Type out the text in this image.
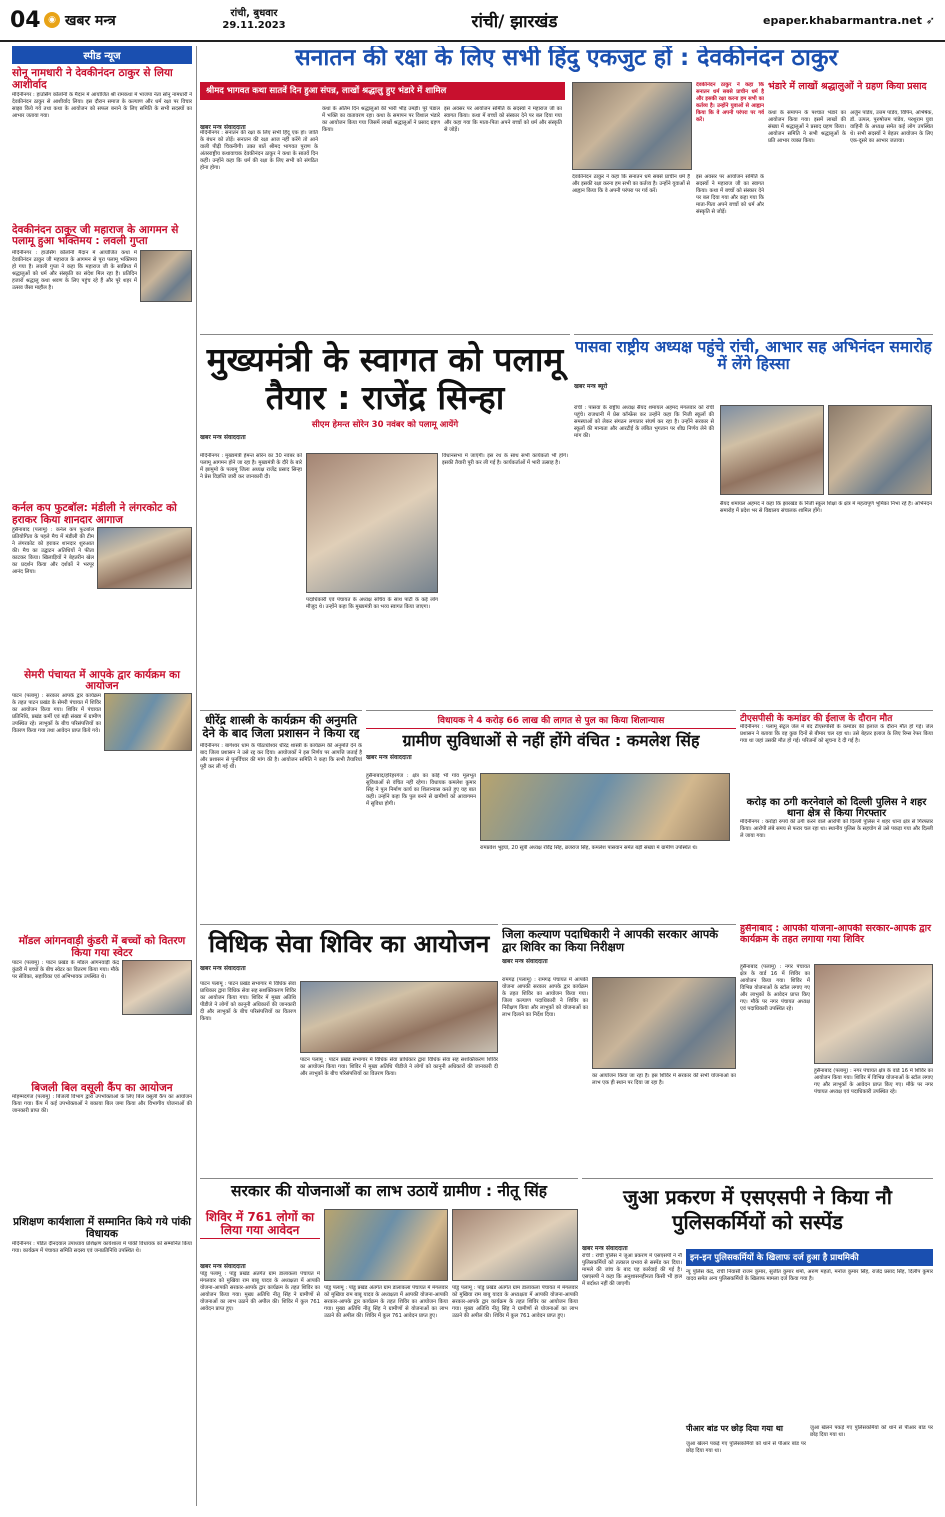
04 ◉ खबर मन्त्र	रांची, बुधवार
29.11.2023	रांची/ झारखंड	epaper.khabarmantra.net ➶
स्पीड न्यूज
सोनू नामधारी ने देवकीनंदन ठाकुर से लिया आशीर्वाद
मेदिनीनगर : हाउसिंग कॉलोनी के मैदान में आयोजित श्री रामकथा में भाजपा नेता सोनू नामधारी ने देवकीनंदन ठाकुर से आशीर्वाद लिया। इस दौरान समाज के कल्याण और धर्म रक्षा पर विचार साझा किये गये तथा कथा के आयोजन को सफल बनाने के लिए समिति के सभी सदस्यों का आभार जताया गया।
देवकीनंदन ठाकुर जी महाराज के आगमन से पलामू हुआ भक्तिमय : लवली गुप्ता
मेदिनीनगर : हाउसिंग कॉलोनी मैदान में आयोजित कथा में देवकीनंदन ठाकुर जी महाराज के आगमन से पूरा पलामू भक्तिमय हो गया है। लवली गुप्ता ने कहा कि महाराज जी के सान्निध्य में श्रद्धालुओं को धर्म और संस्कृति का संदेश मिल रहा है। प्रतिदिन हजारों श्रद्धालु कथा श्रवण के लिए पहुंच रहे हैं और पूरे शहर में उत्सव जैसा माहौल है।
कर्नल कप फुटबॉल: मंडीली ने लंगरकोट को हराकर किया शानदार आगाज
हुसैनाबाद (पलामू) : कर्नल कप फुटबॉल प्रतियोगिता के पहले मैच में मंडीली की टीम ने लंगरकोट को हराकर शानदार शुरुआत की। मैच का उद्घाटन अतिथियों ने फीता काटकर किया। खिलाड़ियों ने बेहतरीन खेल का प्रदर्शन किया और दर्शकों ने भरपूर आनंद लिया।
सेमरी पंचायत में आपके द्वार कार्यक्रम का आयोजन
पाटन (पलामू) : सरकार आपके द्वार कार्यक्रम के तहत पाटन प्रखंड के सेमरी पंचायत में शिविर का आयोजन किया गया। शिविर में पंचायत प्रतिनिधि, प्रखंड कर्मी एवं बड़ी संख्या में ग्रामीण उपस्थित रहे। लाभुकों के बीच परिसंपत्तियों का वितरण किया गया तथा आवेदन प्राप्त किये गये।
मॉडल आंगनवाड़ी कुंडरी में बच्चों को वितरण किया गया स्वेटर
पाटन (पलामू) : पाटन प्रखंड के मॉडल आंगनवाड़ी केंद्र कुंडरी में बच्चों के बीच स्वेटर का वितरण किया गया। मौके पर सेविका, सहायिका एवं अभिभावक उपस्थित थे।
बिजली बिल वसूली कैंप का आयोजन
मोहम्मदगंज (पलामू) : बिजली विभाग द्वारा उपभोक्ताओं के लिए बिल वसूली कैंप का आयोजन किया गया। कैंप में कई उपभोक्ताओं ने बकाया बिल जमा किया और विभागीय योजनाओं की जानकारी प्राप्त की।
प्रशिक्षण कार्यशाला में सम्मानित किये गये पांकी विधायक
मेदिनीनगर : पंडित दीनदयाल उपाध्याय प्रशिक्षण कार्यशाला में पांकी विधायक को सम्मानित किया गया। कार्यक्रम में पंचायत समिति सदस्य एवं जनप्रतिनिधि उपस्थित थे।
सनातन की रक्षा के लिए सभी हिंदु एकजुट हों : देवकीनंदन ठाकुर
श्रीमद भागवत कथा सातवें दिन हुआ संपन्न, लाखों श्रद्धालु हुए भंडारे में शामिल
देवकीनंदन ठाकुर ने कहा कि सनातन धर्म सबसे प्राचीन धर्म है और इसकी रक्षा करना हम सभी का कर्तव्य है। उन्होंने युवाओं से आह्वान किया कि वे अपनी परंपरा पर गर्व करें।
भंडारे में लाखों श्रद्धालुओं ने ग्रहण किया प्रसाद
खबर मन्त्र संवाददाता
मेदिनीनगर : सनातन की रक्षा के लिए सभी हिंदू एक हों। जाति के बंधन को तोड़ें। सनातन की रक्षा आज नहीं करेंगे तो आने वाली पीढ़ी चिकनीगी। उक्त बातें श्रीमद भागवत पुराण के अंतरराष्ट्रीय कथावाचक देवकीनंदन ठाकुर ने कथा के सातवें दिन कहीं। उन्होंने कहा कि धर्म की रक्षा के लिए सभी को संगठित होना होगा।
कथा के अंतिम दिन श्रद्धालुओं की भारी भीड़ उमड़ी। पूरे पंडाल में भक्ति का वातावरण रहा। कथा के समापन पर विशाल भंडारे का आयोजन किया गया जिसमें लाखों श्रद्धालुओं ने प्रसाद ग्रहण किया।
इस अवसर पर आयोजन समिति के सदस्यों ने महाराज जी का स्वागत किया। कथा में बच्चों को संस्कार देने पर बल दिया गया और कहा गया कि माता-पिता अपने बच्चों को धर्म और संस्कृति से जोड़ें।
देवकीनंदन ठाकुर ने कहा कि सनातन धर्म सबसे प्राचीन धर्म है और इसकी रक्षा करना हम सभी का कर्तव्य है। उन्होंने युवाओं से आह्वान किया कि वे अपनी परंपरा पर गर्व करें।
इस अवसर पर आयोजन समिति के सदस्यों ने महाराज जी का स्वागत किया। कथा में बच्चों को संस्कार देने पर बल दिया गया और कहा गया कि माता-पिता अपने बच्चों को धर्म और संस्कृति से जोड़ें।
कथा के समापन के पश्चात भंडारे का आयोजन किया गया। इसमें लाखों की संख्या में श्रद्धालुओं ने प्रसाद ग्रहण किया। आयोजन समिति ने सभी श्रद्धालुओं के प्रति आभार व्यक्त किया।
अर्जुन पांडेय, उत्तम पांडेय, विपिन, अभिषेक, डॉ. उत्पल, पुरुषोत्तम पांडेय, परशुराम युवा वाहिनी के अध्यक्ष समेत कई लोग उपस्थित थे। सभी सदस्यों ने बेहतर आयोजन के लिए एक-दूसरे का आभार जताया।
मुख्यमंत्री के स्वागत को पलामू तैयार : राजेंद्र सिन्हा
सीएम हेमन्त सोरेन 30 नवंबर को पलामू आयेंगे
खबर मन्त्र संवाददाता
मेदिनीनगर : मुख्यमंत्री हेमन्त सोरेन का 30 नवंबर को पलामू आगमन होने जा रहा है। मुख्यमंत्री के दौरे के बारे में झामुमो के पलामू जिला अध्यक्ष राजेंद्र प्रसाद सिन्हा ने प्रेस विज्ञप्ति जारी कर जानकारी दी।
विधानसभा में जाएंगी। इस रथ के साथ सभी कार्यकर्ता भी होंगे। इसकी तैयारी पूरी कर ली गई है। कार्यकर्ताओं में भारी उत्साह है।
पदाधिकारी एवं पंचायत के अध्यक्ष सचिव के साथ पार्टी के कई लोग मौजूद थे। उन्होंने कहा कि मुख्यमंत्री का भव्य स्वागत किया जाएगा।
पासवा राष्ट्रीय अध्यक्ष पहुंचे रांची, आभार सह अभिनंदन समारोह में लेंगे हिस्सा
खबर मन्त्र ब्यूरो
रांची : पासवा के राष्ट्रीय अध्यक्ष सैयद शमायल अहमद मंगलवार को रांची पहुंचे। राजधानी में प्रेस कॉन्फ्रेंस कर उन्होंने कहा कि निजी स्कूलों की समस्याओं को लेकर संगठन लगातार संघर्ष कर रहा है। उन्होंने सरकार से स्कूलों की मान्यता और आरटीई के लंबित भुगतान पर शीघ्र निर्णय लेने की मांग की।
सैयद शमायल अहमद ने कहा कि झारखंड के निजी स्कूल शिक्षा के क्षेत्र में महत्वपूर्ण भूमिका निभा रहे हैं। अभिनंदन समारोह में प्रदेश भर से विद्यालय संचालक शामिल होंगे।
धीरेंद्र शास्त्री के कार्यक्रम की अनुमति देने के बाद जिला प्रशासन ने किया रद्द
मेदिनीनगर : बागेश्वर धाम के पीठाधीश्वर धीरेंद्र शास्त्री के कार्यक्रम की अनुमति देने के बाद जिला प्रशासन ने उसे रद्द कर दिया। आयोजकों ने इस निर्णय पर आपत्ति जताई है और प्रशासन से पुनर्विचार की मांग की है। आयोजन समिति ने कहा कि सभी तैयारियां पूरी कर ली गई थीं।
विधायक ने 4 करोड़ 66 लाख की लागत से पुल का किया शिलान्यास
ग्रामीण सुविधाओं से नहीं होंगे वंचित : कमलेश सिंह
खबर मन्त्र संवाददाता
हुसैनाबाद/हरिहरगंज : क्षेत्र का कोई भी गांव मूलभूत सुविधाओं से वंचित नहीं रहेगा। विधायक कमलेश कुमार सिंह ने पुल निर्माण कार्य का शिलान्यास करते हुए यह बात कही। उन्होंने कहा कि पुल बनने से ग्रामीणों को आवागमन में सुविधा होगी।
रामप्रवेश भुइयां, 20 सूत्री अध्यक्ष रविंद्र सिंह, ब्रजराज सिंह, कमलेश पासवान समेत बड़ी संख्या में ग्रामीण उपस्थित थे।
टीएसपीसी के कमांडर की ईलाज के दौरान मौत
मेदिनीनगर : पलामू सेंट्रल जेल में बंद टीएसपीसी के कमांडर की इलाज के दौरान मौत हो गई। जेल प्रशासन ने बताया कि वह कुछ दिनों से बीमार चल रहा था। उसे बेहतर इलाज के लिए रिम्स रेफर किया गया था जहां उसकी मौत हो गई। परिजनों को सूचना दे दी गई है।
करोड़ का ठगी करनेवाले को दिल्ली पुलिस ने शहर थाना क्षेत्र से किया गिरफ्तार
मेदिनीनगर : करोड़ों रुपये की ठगी करने वाले आरोपी को दिल्ली पुलिस ने शहर थाना क्षेत्र से गिरफ्तार किया। आरोपी लंबे समय से फरार चल रहा था। स्थानीय पुलिस के सहयोग से उसे पकड़ा गया और दिल्ली ले जाया गया।
हुसैनाबाद : आपकी योजना-आपकी सरकार-आपके द्वार कार्यक्रम के तहत लगाया गया शिविर
हुसैनाबाद (पलामू) : नगर पंचायत क्षेत्र के वार्ड 16 में शिविर का आयोजन किया गया। शिविर में विभिन्न योजनाओं के स्टॉल लगाए गए और लाभुकों के आवेदन प्राप्त किए गए। मौके पर नगर पंचायत अध्यक्ष एवं पदाधिकारी उपस्थित रहे।
हुसैनाबाद (पलामू) : नगर पंचायत क्षेत्र के वार्ड 16 में शिविर का आयोजन किया गया। शिविर में विभिन्न योजनाओं के स्टॉल लगाए गए और लाभुकों के आवेदन प्राप्त किए गए। मौके पर नगर पंचायत अध्यक्ष एवं पदाधिकारी उपस्थित रहे।
विधिक सेवा शिविर का आयोजन
खबर मन्त्र संवाददाता
पाटन पलामू : पाटन प्रखंड सभागार में विधिक सेवा प्राधिकार द्वारा विधिक सेवा सह सशक्तिकरण शिविर का आयोजन किया गया। शिविर में मुख्य अतिथि पीडीजे ने लोगों को कानूनी अधिकारों की जानकारी दी और लाभुकों के बीच परिसंपत्तियों का वितरण किया।
पाटन पलामू : पाटन प्रखंड सभागार में विधिक सेवा प्राधिकार द्वारा विधिक सेवा सह सशक्तिकरण शिविर का आयोजन किया गया। शिविर में मुख्य अतिथि पीडीजे ने लोगों को कानूनी अधिकारों की जानकारी दी और लाभुकों के बीच परिसंपत्तियों का वितरण किया।
जिला कल्याण पदाधिकारी ने आपकी सरकार आपके द्वार शिविर का किया निरीक्षण
खबर मन्त्र संवाददाता
रामगढ़ (पलामू) : रामगढ़ पंचायत में आपकी योजना आपकी सरकार आपके द्वार कार्यक्रम के तहत शिविर का आयोजन किया गया। जिला कल्याण पदाधिकारी ने शिविर का निरीक्षण किया और लाभुकों को योजनाओं का लाभ दिलाने का निर्देश दिया।
का आयोजन किया जा रहा है। इस शिविर में सरकार की सभी योजनाओं का लाभ एक ही स्थान पर दिया जा रहा है।
सरकार की योजनाओं का लाभ उठायें ग्रामीण : नीतू सिंह
शिविर में 761 लोगों का लिया गया आवेदन
खबर मन्त्र संवाददाता
पांडु पलामू : पांडु प्रखंड अंतर्गत ग्राम डालाकला पंचायत में मंगलवार को मुखिया राम बाबू यादव के अध्यक्षता में आपकी योजना-आपकी सरकार-आपके द्वार कार्यक्रम के तहत शिविर का आयोजन किया गया। मुख्य अतिथि नीतू सिंह ने ग्रामीणों से योजनाओं का लाभ उठाने की अपील की। शिविर में कुल 761 आवेदन प्राप्त हुए।
पांडु पलामू : पांडु प्रखंड अंतर्गत ग्राम डालाकला पंचायत में मंगलवार को मुखिया राम बाबू यादव के अध्यक्षता में आपकी योजना-आपकी सरकार-आपके द्वार कार्यक्रम के तहत शिविर का आयोजन किया गया। मुख्य अतिथि नीतू सिंह ने ग्रामीणों से योजनाओं का लाभ उठाने की अपील की। शिविर में कुल 761 आवेदन प्राप्त हुए।
पांडु पलामू : पांडु प्रखंड अंतर्गत ग्राम डालाकला पंचायत में मंगलवार को मुखिया राम बाबू यादव के अध्यक्षता में आपकी योजना-आपकी सरकार-आपके द्वार कार्यक्रम के तहत शिविर का आयोजन किया गया। मुख्य अतिथि नीतू सिंह ने ग्रामीणों से योजनाओं का लाभ उठाने की अपील की। शिविर में कुल 761 आवेदन प्राप्त हुए।
जुआ प्रकरण में एसएसपी ने किया नौ पुलिसकर्मियों को सस्पेंड
खबर मन्त्र संवाददाता
रांची : रांची पुलिस ने जुआ प्रकरण में एसएसपी ने नौ पुलिसकर्मियों को तत्काल प्रभाव से सस्पेंड कर दिया। मामले की जांच के बाद यह कार्रवाई की गई है। एसएसपी ने कहा कि अनुशासनहीनता किसी भी हाल में बर्दाश्त नहीं की जाएगी।
इन-इन पुलिसकर्मियों के खिलाफ दर्ज हुआ है प्राथमिकी
न्यू पुलिस केंद्र, रांची निवासी राजन कुमार, सुजीत कुमार शर्मा, अरुण महतो, मनोज कुमार सिंह, राजेंद्र प्रसाद सिंह, दिलीप कुमार यादव समेत अन्य पुलिसकर्मियों के खिलाफ मामला दर्ज किया गया है।
पीआर बांड पर छोड़ दिया गया था
जुआ खेलने पकड़े गए पुलिसकर्मियों को थाने से पीआर बांड पर छोड़ दिया गया था।
जुआ खेलने पकड़े गए पुलिसकर्मियों को थाने से पीआर बांड पर छोड़ दिया गया था।
